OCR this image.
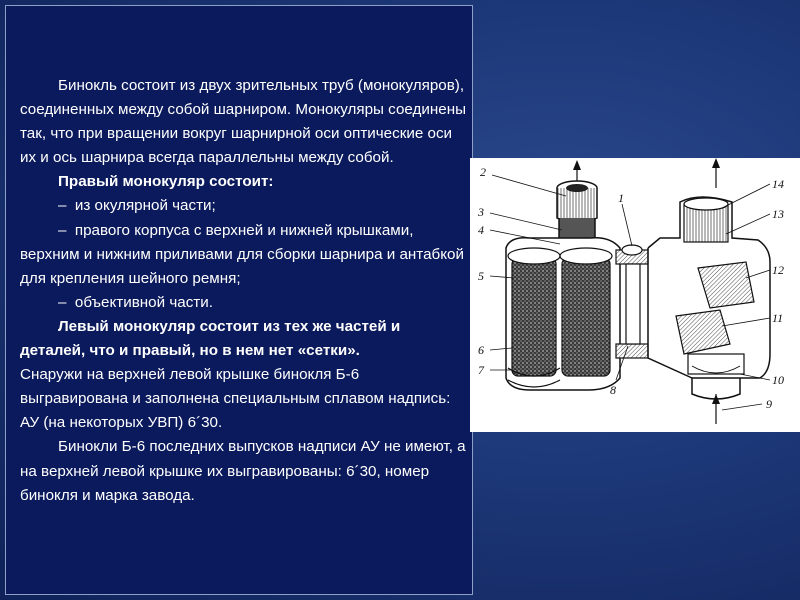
Бинокль состоит из двух зрительных труб (монокуляров), соединенных между собой шарниром. Монокуляры соединены так, что при вращении вокруг шарнирной оси оптические оси их и ось шарнира всегда параллельны между собой.

Правый монокуляр состоит:

–  из окулярной части;

–  правого корпуса с верхней и нижней крышками, верхним и нижним приливами для сборки шарнира и антабкой для крепления шейного ремня;

–  объективной части.

Левый монокуляр состоит из тех же частей и деталей, что и правый, но в нем нет «сетки».

Снаружи на верхней левой крышке бинокля Б-6 выгравирована и заполнена специальным сплавом надпись: АУ (на некоторых УВП) 6´30.

Бинокли Б-6 последних выпусков надписи АУ не имеют, а на верхней левой крышке их выгравированы: 6´30, номер бинокля и марка завода.

2
3
4
5
6
7
1
8
14
13
12
11
10
9
